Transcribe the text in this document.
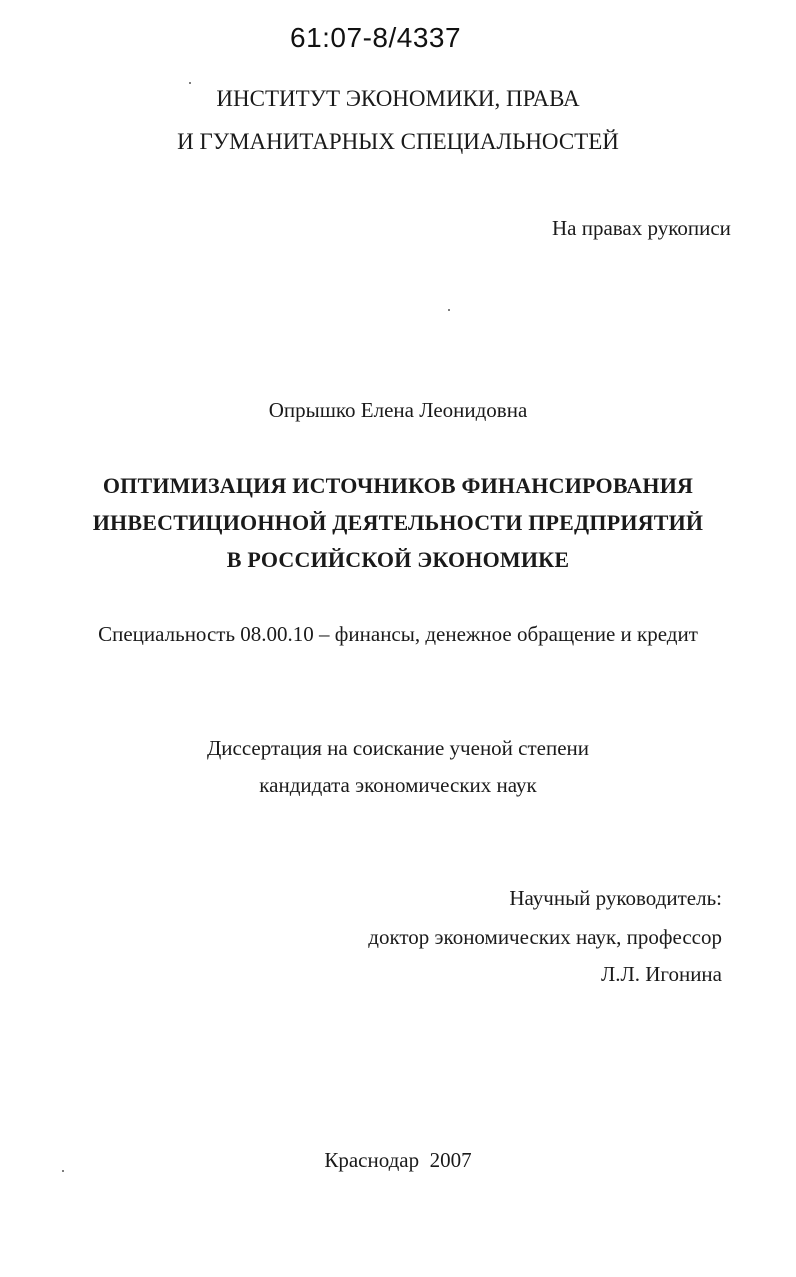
61:07-8/4337
ИНСТИТУТ ЭКОНОМИКИ, ПРАВА
И ГУМАНИТАРНЫХ СПЕЦИАЛЬНОСТЕЙ
На правах рукописи
Опрышко Елена Леонидовна
ОПТИМИЗАЦИЯ ИСТОЧНИКОВ ФИНАНСИРОВАНИЯ
ИНВЕСТИЦИОННОЙ ДЕЯТЕЛЬНОСТИ ПРЕДПРИЯТИЙ
В РОССИЙСКОЙ ЭКОНОМИКЕ
Специальность 08.00.10 – финансы, денежное обращение и кредит
Диссертация на соискание ученой степени
кандидата экономических наук
Научный руководитель:
доктор экономических наук, профессор
Л.Л. Игонина
Краснодар  2007
